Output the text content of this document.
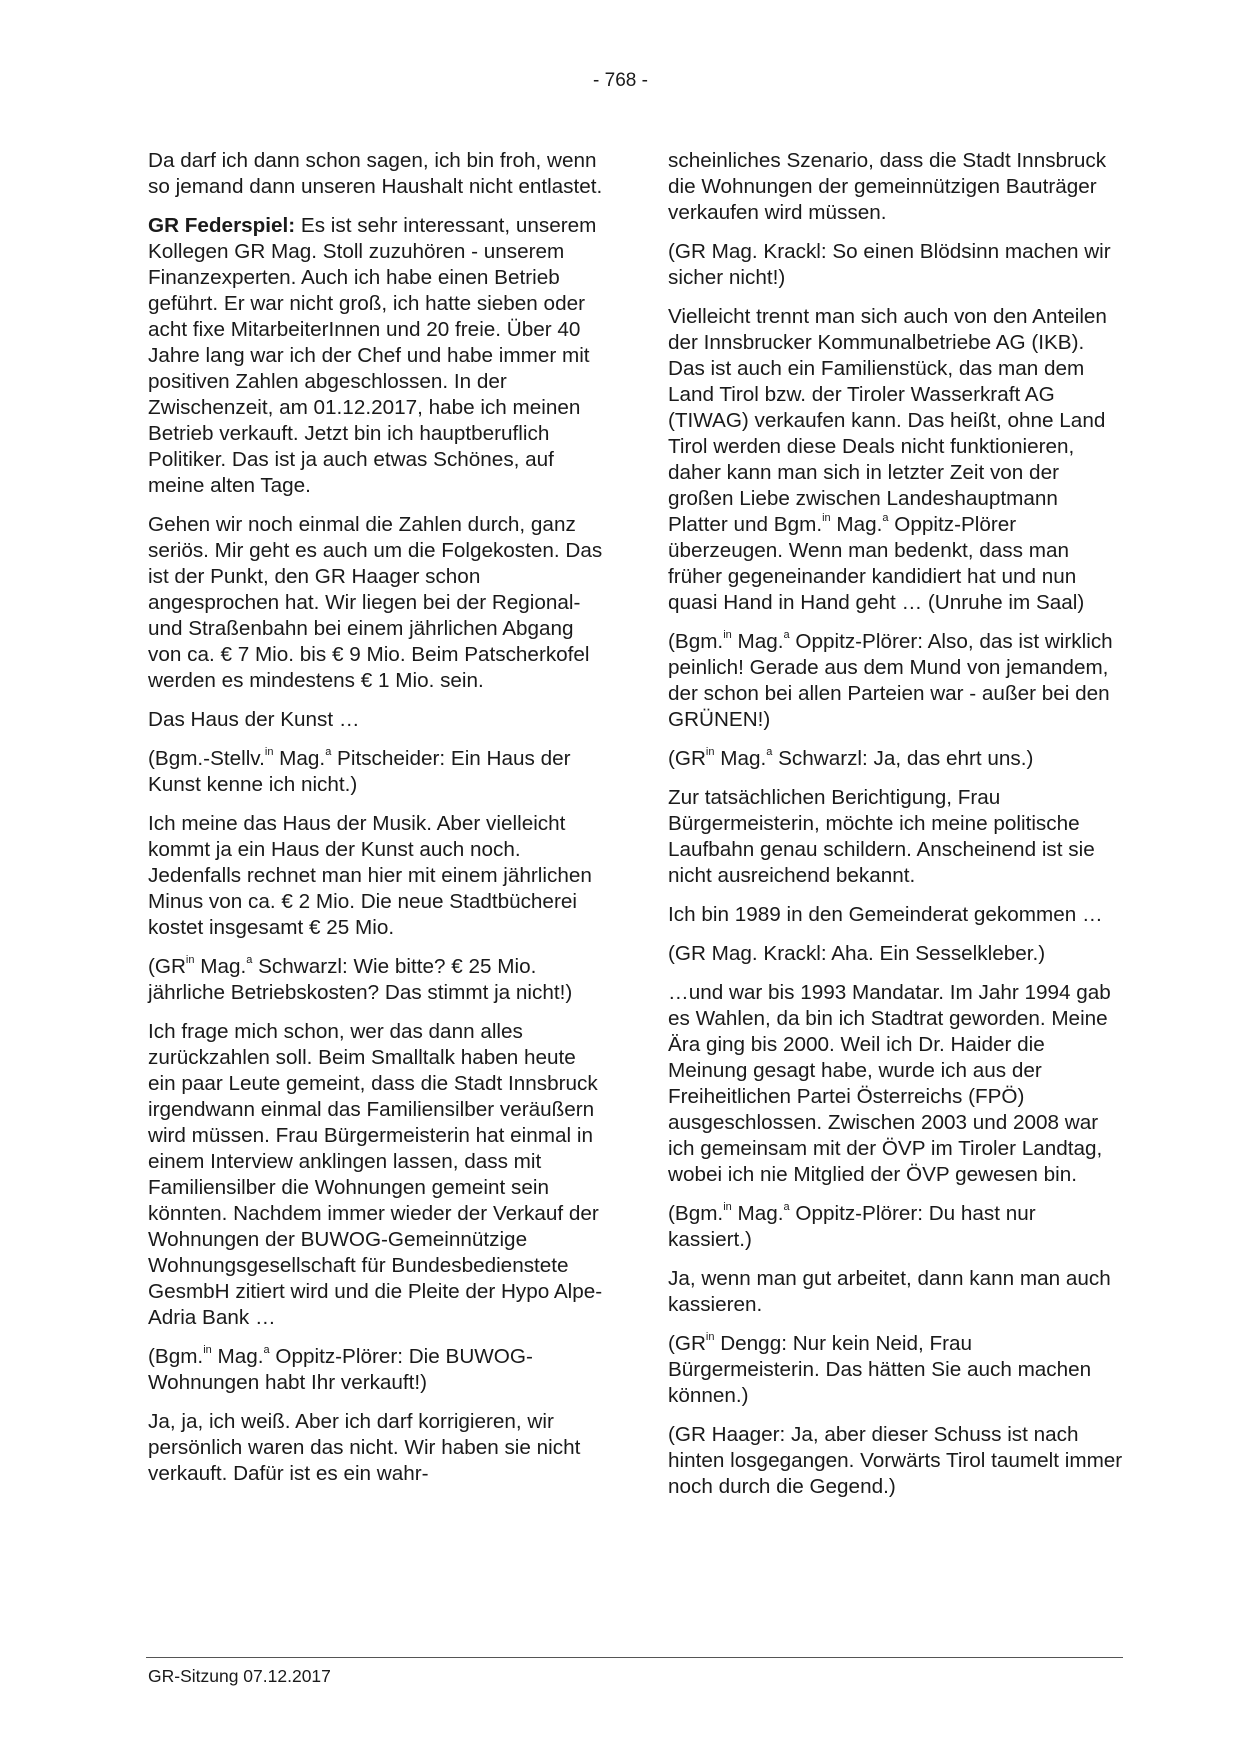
- 768 -

Da darf ich dann schon sagen, ich bin froh, wenn so jemand dann unseren Haushalt nicht entlastet.

GR Federspiel: Es ist sehr interessant, unserem Kollegen GR Mag. Stoll zuzuhören - unserem Finanzexperten. Auch ich habe einen Betrieb geführt. Er war nicht groß, ich hatte sieben oder acht fixe MitarbeiterInnen und 20 freie. Über 40 Jahre lang war ich der Chef und habe immer mit positiven Zahlen abgeschlossen. In der Zwischenzeit, am 01.12.2017, habe ich meinen Betrieb verkauft. Jetzt bin ich hauptberuflich Politiker. Das ist ja auch etwas Schönes, auf meine alten Tage.

Gehen wir noch einmal die Zahlen durch, ganz seriös. Mir geht es auch um die Folgekosten. Das ist der Punkt, den GR Haager schon angesprochen hat. Wir liegen bei der Regional- und Straßenbahn bei einem jährlichen Abgang von ca. € 7 Mio. bis € 9 Mio. Beim Patscherkofel werden es mindestens € 1 Mio. sein.

Das Haus der Kunst …

(Bgm.-Stellv.$^{in}$ Mag.$^a$ Pitscheider: Ein Haus der Kunst kenne ich nicht.)

Ich meine das Haus der Musik. Aber vielleicht kommt ja ein Haus der Kunst auch noch. Jedenfalls rechnet man hier mit einem jährlichen Minus von ca. € 2 Mio. Die neue Stadtbücherei kostet insgesamt € 25 Mio.

($GR^{in}$ Mag.$^a$ Schwarzl: Wie bitte? € 25 Mio. jährliche Betriebskosten? Das stimmt ja nicht!)

Ich frage mich schon, wer das dann alles zurückzahlen soll. Beim Smalltalk haben heute ein paar Leute gemeint, dass die Stadt Innsbruck irgendwann einmal das Familiensilber veräußern wird müssen. Frau Bürgermeisterin hat einmal in einem Interview anklingen lassen, dass mit Familiensilber die Wohnungen gemeint sein könnten. Nachdem immer wieder der Verkauf der Wohnungen der BUWOG-Gemeinnützige Wohnungsgesellschaft für Bundesbedienstete GesmbH zitiert wird und die Pleite der Hypo Alpe-Adria Bank …

(Bgm.$^{in}$ Mag.$^a$ Oppitz-Plörer: Die BUWOG-Wohnungen habt Ihr verkauft!)

Ja, ja, ich weiß. Aber ich darf korrigieren, wir persönlich waren das nicht. Wir haben sie nicht verkauft. Dafür ist es ein wahr-

scheinliches Szenario, dass die Stadt Innsbruck die Wohnungen der gemeinnützigen Bauträger verkaufen wird müssen.

(GR Mag. Krackl: So einen Blödsinn machen wir sicher nicht!)

Vielleicht trennt man sich auch von den Anteilen der Innsbrucker Kommunalbetriebe AG (IKB). Das ist auch ein Familienstück, das man dem Land Tirol bzw. der Tiroler Wasserkraft AG (TIWAG) verkaufen kann. Das heißt, ohne Land Tirol werden diese Deals nicht funktionieren, daher kann man sich in letzter Zeit von der großen Liebe zwischen Landeshauptmann Platter und Bgm.$^{in}$ Mag.$^a$ Oppitz-Plörer überzeugen. Wenn man bedenkt, dass man früher gegeneinander kandidiert hat und nun quasi Hand in Hand geht … (Unruhe im Saal)

(Bgm.$^{in}$ Mag.$^a$ Oppitz-Plörer: Also, das ist wirklich peinlich! Gerade aus dem Mund von jemandem, der schon bei allen Parteien war - außer bei den GRÜNEN!)

($GR^{in}$ Mag.$^a$ Schwarzl: Ja, das ehrt uns.)

Zur tatsächlichen Berichtigung, Frau Bürgermeisterin, möchte ich meine politische Laufbahn genau schildern. Anscheinend ist sie nicht ausreichend bekannt.

Ich bin 1989 in den Gemeinderat gekommen …

(GR Mag. Krackl: Aha. Ein Sesselkleber.)

…und war bis 1993 Mandatar. Im Jahr 1994 gab es Wahlen, da bin ich Stadtrat geworden. Meine Ära ging bis 2000. Weil ich Dr. Haider die Meinung gesagt habe, wurde ich aus der Freiheitlichen Partei Österreichs (FPÖ) ausgeschlossen. Zwischen 2003 und 2008 war ich gemeinsam mit der ÖVP im Tiroler Landtag, wobei ich nie Mitglied der ÖVP gewesen bin.

(Bgm.$^{in}$ Mag.$^a$ Oppitz-Plörer: Du hast nur kassiert.)

Ja, wenn man gut arbeitet, dann kann man auch kassieren.

($GR^{in}$ Dengg: Nur kein Neid, Frau Bürgermeisterin. Das hätten Sie auch machen können.)

(GR Haager: Ja, aber dieser Schuss ist nach hinten losgegangen. Vorwärts Tirol taumelt immer noch durch die Gegend.)

GR-Sitzung 07.12.2017
